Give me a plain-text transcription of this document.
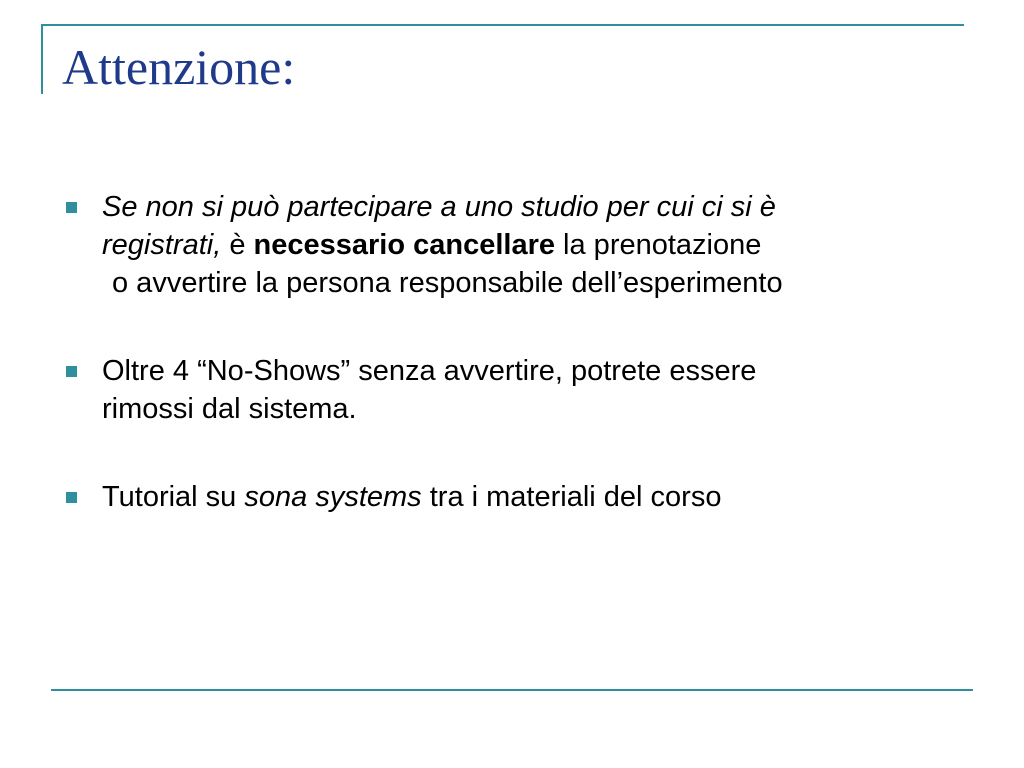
Attenzione:
Se non si può partecipare a uno studio per cui ci si è
registrati, è necessario cancellare la prenotazione
o avvertire la persona responsabile dell’esperimento
Oltre 4 “No-Shows” senza avvertire, potrete essere
rimossi dal sistema.
Tutorial su sona systems tra i materiali del corso
